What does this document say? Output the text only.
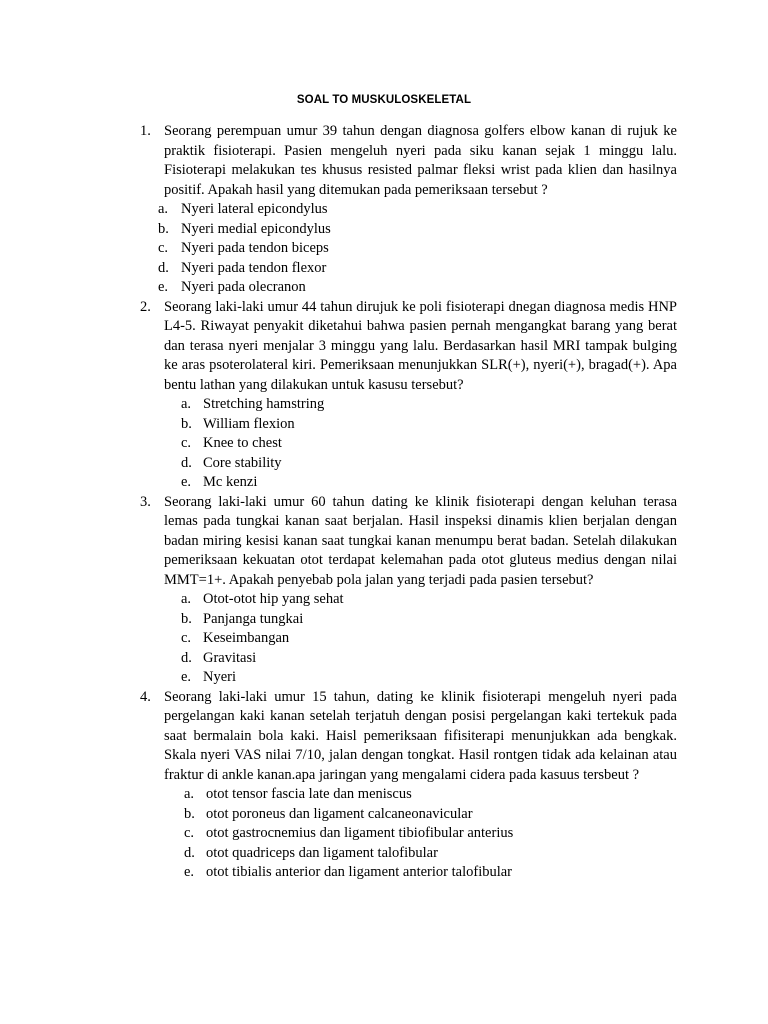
SOAL TO MUSKULOSKELETAL
1. Seorang perempuan umur 39 tahun dengan diagnosa golfers elbow kanan di rujuk ke praktik fisioterapi. Pasien mengeluh nyeri pada siku kanan sejak 1 minggu lalu. Fisioterapi melakukan tes khusus resisted palmar fleksi wrist pada klien dan hasilnya positif. Apakah hasil yang ditemukan pada pemeriksaan tersebut ?

a. Nyeri lateral epicondylus
b. Nyeri medial epicondylus
c. Nyeri pada tendon biceps
d. Nyeri pada tendon flexor
e. Nyeri pada olecranon
2. Seorang laki-laki umur 44 tahun dirujuk ke poli fisioterapi dnegan diagnosa medis HNP L4-5. Riwayat penyakit diketahui bahwa pasien pernah mengangkat barang yang berat dan terasa nyeri menjalar 3 minggu yang lalu. Berdasarkan hasil MRI tampak bulging ke aras psoterolateral kiri. Pemeriksaan menunjukkan SLR(+), nyeri(+), bragad(+). Apa bentu lathan yang dilakukan untuk kasusu tersebut?

a. Stretching hamstring
b. William flexion
c. Knee to chest
d. Core stability
e. Mc kenzi
3. Seorang laki-laki umur 60 tahun dating ke klinik fisioterapi dengan keluhan terasa lemas pada tungkai kanan saat berjalan. Hasil inspeksi dinamis klien berjalan dengan badan miring kesisi kanan saat tungkai kanan menumpu berat badan. Setelah dilakukan pemeriksaan kekuatan otot terdapat kelemahan pada otot gluteus medius dengan nilai MMT=1+. Apakah penyebab pola jalan yang terjadi pada pasien tersebut?

a. Otot-otot hip yang sehat
b. Panjanga tungkai
c. Keseimbangan
d. Gravitasi
e. Nyeri
4. Seorang laki-laki umur 15 tahun, dating ke klinik fisioterapi mengeluh nyeri pada pergelangan kaki kanan setelah terjatuh dengan posisi pergelangan kaki tertekuk pada saat bermalain bola kaki. Haisl pemeriksaan fifisiterapi menunjukkan ada bengkak. Skala nyeri VAS nilai 7/10, jalan dengan tongkat. Hasil rontgen tidak ada kelainan atau fraktur di ankle kanan.apa jaringan yang mengalami cidera pada kasuus tersbeut ?

a. otot tensor fascia late dan meniscus
b. otot poroneus dan ligament calcaneonavicular
c. otot gastrocnemius dan ligament tibiofibular anterius
d. otot quadriceps dan ligament talofibular
e. otot tibialis anterior dan ligament anterior talofibular
